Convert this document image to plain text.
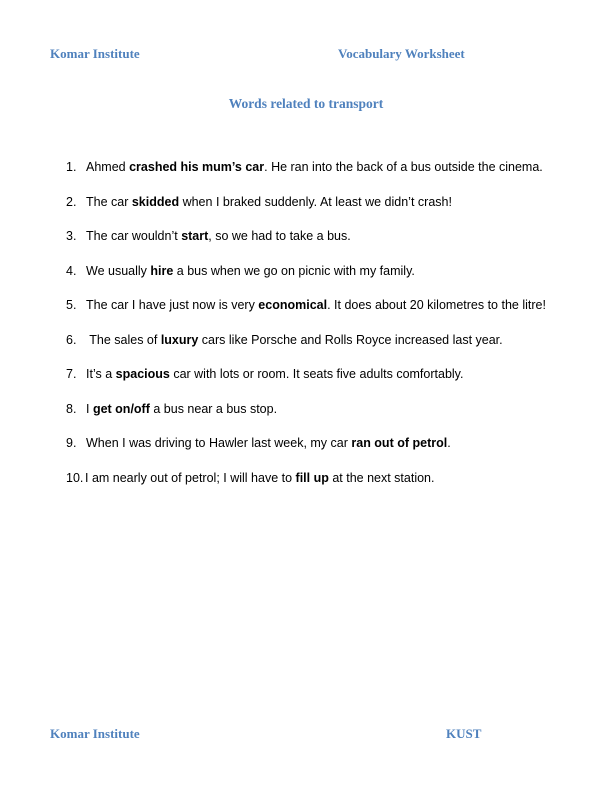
Komar Institute	Vocabulary Worksheet
Words related to transport
1. Ahmed crashed his mum’s car. He ran into the back of a bus outside the cinema.
2. The car skidded when I braked suddenly. At least we didn’t crash!
3. The car wouldn’t start, so we had to take a bus.
4. We usually hire a bus when we go on picnic with my family.
5. The car I have just now is very economical. It does about 20 kilometres to the litre!
6. The sales of luxury cars like Porsche and Rolls Royce increased last year.
7. It’s a spacious car with lots or room. It seats five adults comfortably.
8. I get on/off a bus near a bus stop.
9. When I was driving to Hawler last week, my car ran out of petrol.
10. I am nearly out of petrol; I will have to fill up at the next station.
Komar Institute	KUST
